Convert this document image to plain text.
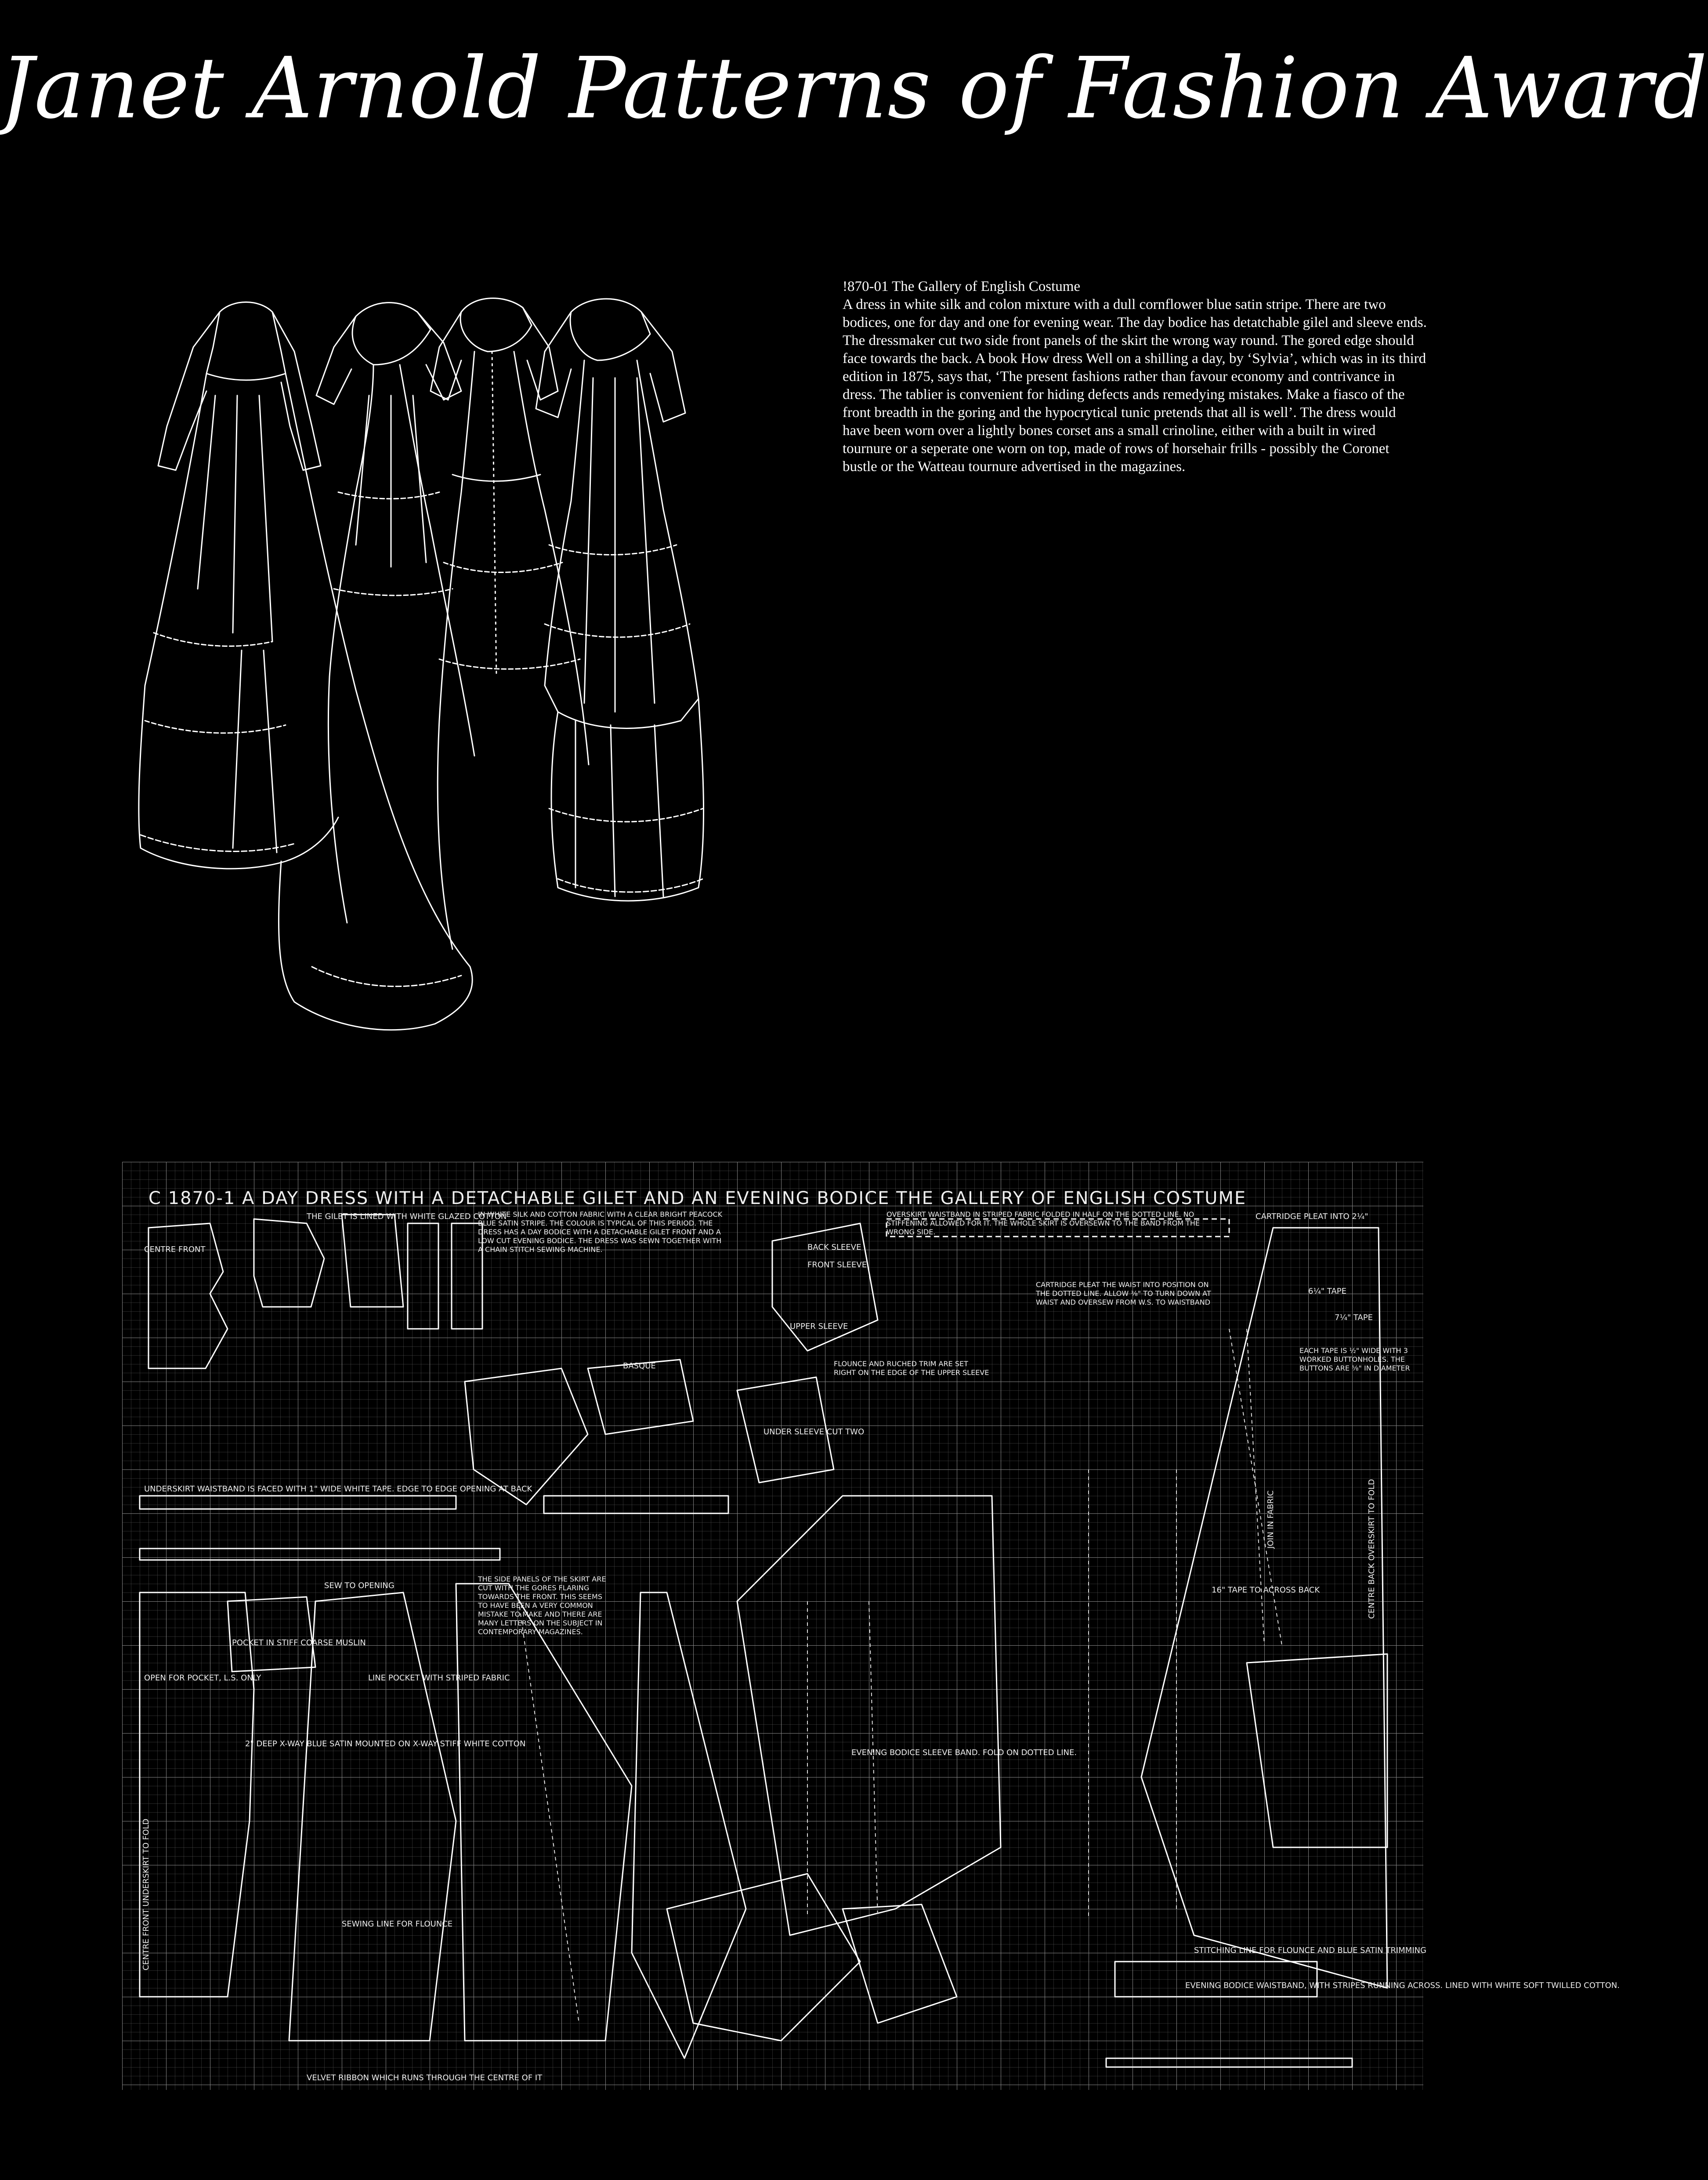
Janet Arnold Patterns of Fashion Award

!870-01 The Gallery of English Costume

A dress in white silk and colon mixture with a dull cornflower blue satin stripe. There are two bodices, one for day and one for evening wear. The day bodice has detatchable gilel and sleeve ends. The dressmaker cut two side front panels of the skirt the wrong way round. The gored edge should face towards the back. A book How dress Well on a shilling a day, by ‘Sylvia’, which was in its third edition in 1875, says that, ‘The present fashions rather than favour economy and contrivance in dress. The tablier is convenient for hiding defects ands remedying mistakes. Make a fiasco of the front breadth in the goring and the hypocrytical tunic pretends that all is well’. The dress would have been worn over a lightly bones corset ans a small crinoline, either with a built in wired tournure or a seperate one worn on top, made of rows of horsehair frills - possibly the Coronet bustle or the Watteau tournure advertised in the magazines.

C 1870-1 A DAY DRESS WITH A DETACHABLE GILET AND AN EVENING BODICE THE GALLERY OF ENGLISH COSTUME
THE GILET IS LINED WITH WHITE GLAZED COTTON
CENTRE FRONT
BASQUE
BACK SLEEVE
FRONT SLEEVE
UPPER SLEEVE
UNDER SLEEVE CUT TWO
CARTRIDGE PLEAT INTO 2¼"
6¼" TAPE
7¼" TAPE
16" TAPE TO ACROSS BACK
CENTRE FRONT UNDERSKIRT TO FOLD
CENTRE BACK OVERSKIRT TO FOLD
JOIN IN FABRIC
POCKET IN STIFF COARSE MUSLIN
OPEN FOR POCKET, L.S. ONLY
SEW TO OPENING
LINE POCKET WITH STRIPED FABRIC
2" DEEP X-WAY BLUE SATIN MOUNTED ON X-WAY STIFF WHITE COTTON
SEWING LINE FOR FLOUNCE
EVENING BODICE SLEEVE BAND. FOLD ON DOTTED LINE.
VELVET RIBBON WHICH RUNS THROUGH THE CENTRE OF IT
STITCHING LINE FOR FLOUNCE AND BLUE SATIN TRIMMING
UNDERSKIRT WAISTBAND IS FACED WITH 1" WIDE WHITE TAPE. EDGE TO EDGE OPENING AT BACK
EVENING BODICE WAISTBAND, WITH STRIPES RUNNING ACROSS. LINED WITH WHITE SOFT TWILLED COTTON.
IN WHITE SILK AND COTTON FABRIC WITH A CLEAR BRIGHT PEACOCK BLUE SATIN STRIPE. THE COLOUR IS TYPICAL OF THIS PERIOD. THE DRESS HAS A DAY BODICE WITH A DETACHABLE GILET FRONT AND A LOW CUT EVENING BODICE. THE DRESS WAS SEWN TOGETHER WITH A CHAIN STITCH SEWING MACHINE.
OVERSKIRT WAISTBAND IN STRIPED FABRIC FOLDED IN HALF ON THE DOTTED LINE. NO STIFFENING ALLOWED FOR IT. THE WHOLE SKIRT IS OVERSEWN TO THE BAND FROM THE WRONG SIDE.
FLOUNCE AND RUCHED TRIM ARE SET RIGHT ON THE EDGE OF THE UPPER SLEEVE
CARTRIDGE PLEAT THE WAIST INTO POSITION ON THE DOTTED LINE. ALLOW ⅜" TO TURN DOWN AT WAIST AND OVERSEW FROM W.S. TO WAISTBAND
EACH TAPE IS ½" WIDE WITH 3 WORKED BUTTONHOLES. THE BUTTONS ARE ⅝" IN DIAMETER
THE SIDE PANELS OF THE SKIRT ARE CUT WITH THE GORES FLARING TOWARDS THE FRONT. THIS SEEMS TO HAVE BEEN A VERY COMMON MISTAKE TO MAKE AND THERE ARE MANY LETTERS ON THE SUBJECT IN CONTEMPORARY MAGAZINES.
